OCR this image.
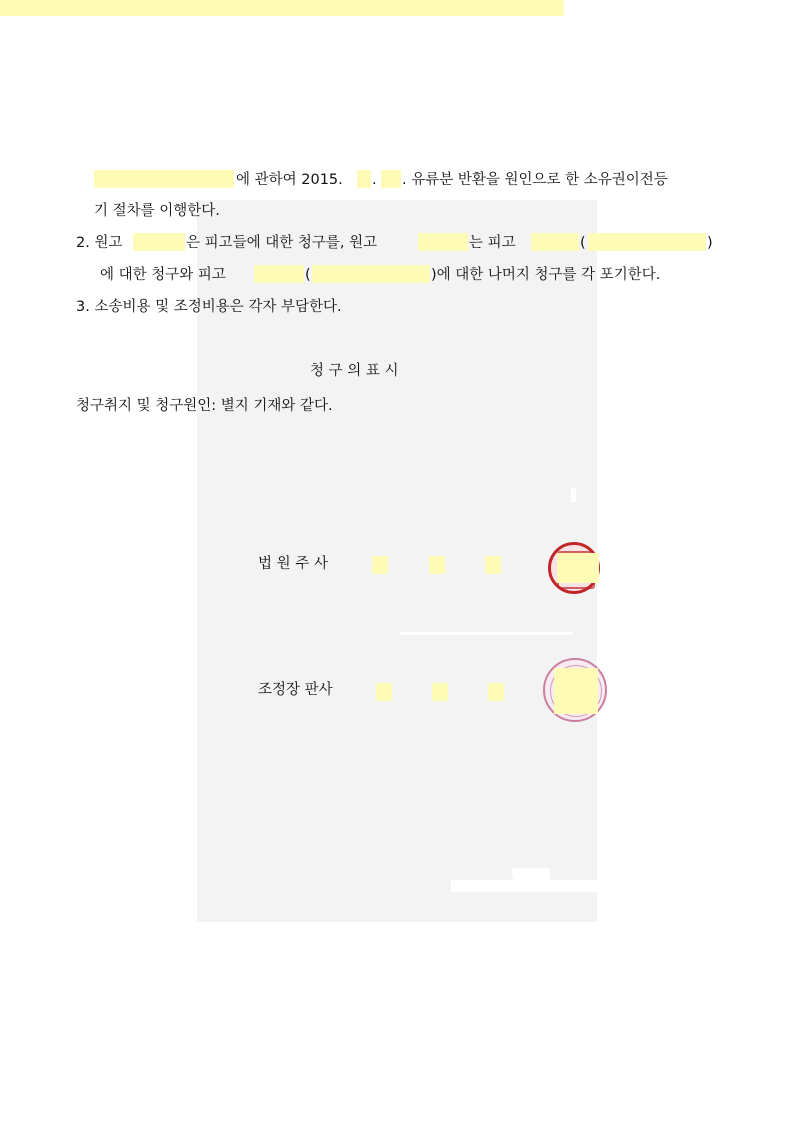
에 관하여 2015. . . 유류분 반환을 원인으로 한 소유권이전등
기 절차를 이행한다.
2. 원고	은 피고들에 대한 청구를, 원고	는 피고	(	)
에 대한 청구와 피고	(	)에 대한 나머지 청구를 각 포기한다.
3. 소송비용 및 조정비용은 각자 부담한다.
청 구 의 표 시
청구취지 및 청구원인: 별지 기재와 같다.
법 원 주 사
조정장 판사
